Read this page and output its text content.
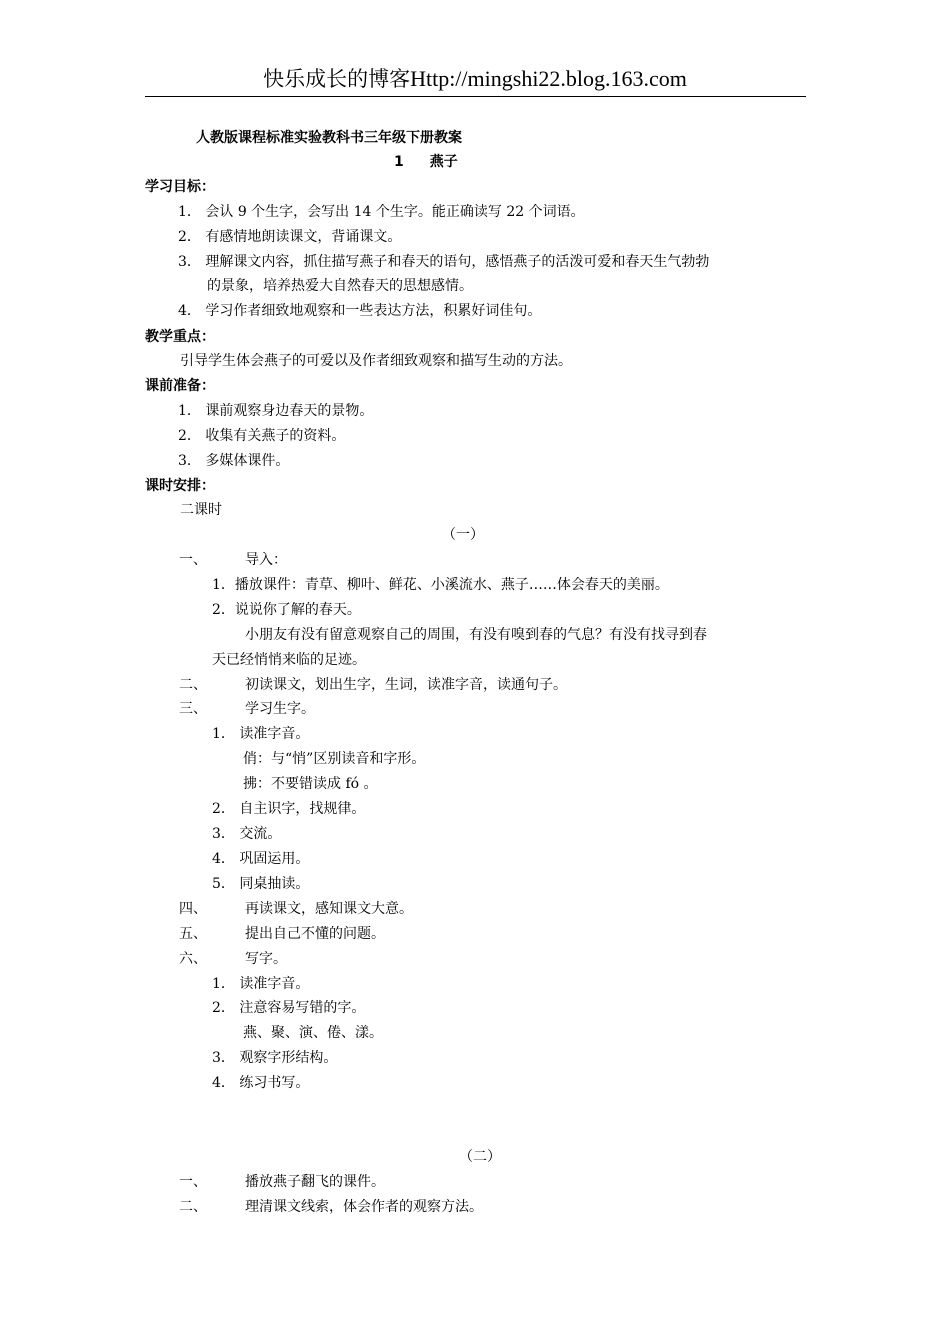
快乐成长的博客Http://mingshi22.blog.163.com
人教版课程标准实验教科书三年级下册教案
1 燕子
学习目标：
1． 会认 9 个生字，会写出 14 个生字。能正确读写 22 个词语。
2． 有感情地朗读课文，背诵课文。
3． 理解课文内容，抓住描写燕子和春天的语句，感悟燕子的活泼可爱和春天生气勃勃
的景象，培养热爱大自然春天的思想感情。
4． 学习作者细致地观察和一些表达方法，积累好词佳句。
教学重点：
引导学生体会燕子的可爱以及作者细致观察和描写生动的方法。
课前准备：
1． 课前观察身边春天的景物。
2． 收集有关燕子的资料。
3． 多媒体课件。
课时安排：
二课时
（一）
一、	导入：
1．播放课件：青草、柳叶、鲜花、小溪流水、燕子……体会春天的美丽。
2．说说你了解的春天。
小朋友有没有留意观察自己的周围，有没有嗅到春的气息？有没有找寻到春
天已经悄悄来临的足迹。
二、	初读课文，划出生字，生词，读准字音，读通句子。
三、	学习生字。
1． 读准字音。
俏：与“悄”区别读音和字形。
拂：不要错读成 fó 。
2． 自主识字，找规律。
3． 交流。
4． 巩固运用。
5． 同桌抽读。
四、	再读课文，感知课文大意。
五、	提出自己不懂的问题。
六、	写字。
1． 读准字音。
2． 注意容易写错的字。
燕、聚、演、倦、漾。
3． 观察字形结构。
4． 练习书写。
（二）
一、	播放燕子翻飞的课件。
二、	理清课文线索，体会作者的观察方法。
